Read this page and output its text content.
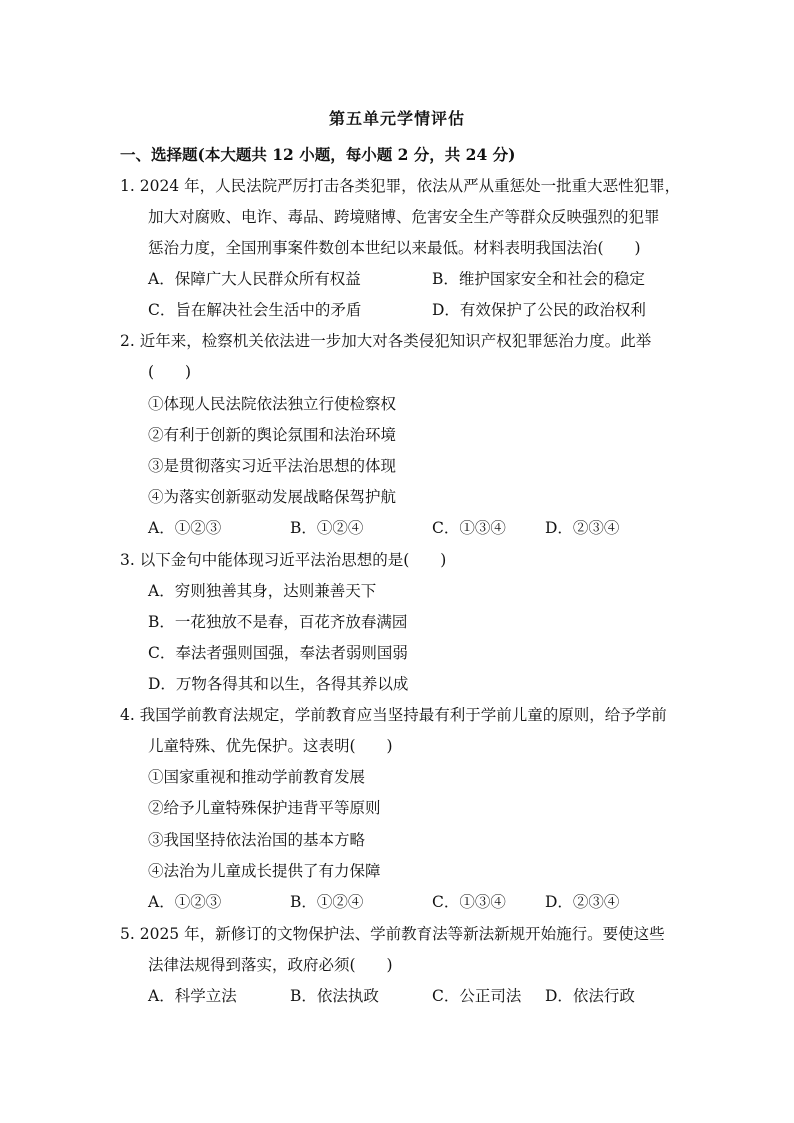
第五单元学情评估
一、选择题(本大题共 12 小题，每小题 2 分，共 24 分)
1. 2024 年，人民法院严厉打击各类犯罪，依法从严从重惩处一批重大恶性犯罪，
加大对腐败、电诈、毒品、跨境赌博、危害安全生产等群众反映强烈的犯罪
惩治力度，全国刑事案件数创本世纪以来最低。材料表明我国法治(　　)
A．保障广大人民群众所有权益	B．维护国家安全和社会的稳定
C．旨在解决社会生活中的矛盾	D．有效保护了公民的政治权利
2. 近年来，检察机关依法进一步加大对各类侵犯知识产权犯罪惩治力度。此举
(　　)
①体现人民法院依法独立行使检察权
②有利于创新的舆论氛围和法治环境
③是贯彻落实习近平法治思想的体现
④为落实创新驱动发展战略保驾护航
A．①②③	B．①②④	C．①③④	D．②③④
3. 以下金句中能体现习近平法治思想的是(　　)
A．穷则独善其身，达则兼善天下
B．一花独放不是春，百花齐放春满园
C．奉法者强则国强，奉法者弱则国弱
D．万物各得其和以生，各得其养以成
4. 我国学前教育法规定，学前教育应当坚持最有利于学前儿童的原则，给予学前
儿童特殊、优先保护。这表明(　　)
①国家重视和推动学前教育发展
②给予儿童特殊保护违背平等原则
③我国坚持依法治国的基本方略
④法治为儿童成长提供了有力保障
A．①②③	B．①②④	C．①③④	D．②③④
5. 2025 年，新修订的文物保护法、学前教育法等新法新规开始施行。要使这些
法律法规得到落实，政府必须(　　)
A．科学立法	B．依法执政	C．公正司法 D．依法行政
